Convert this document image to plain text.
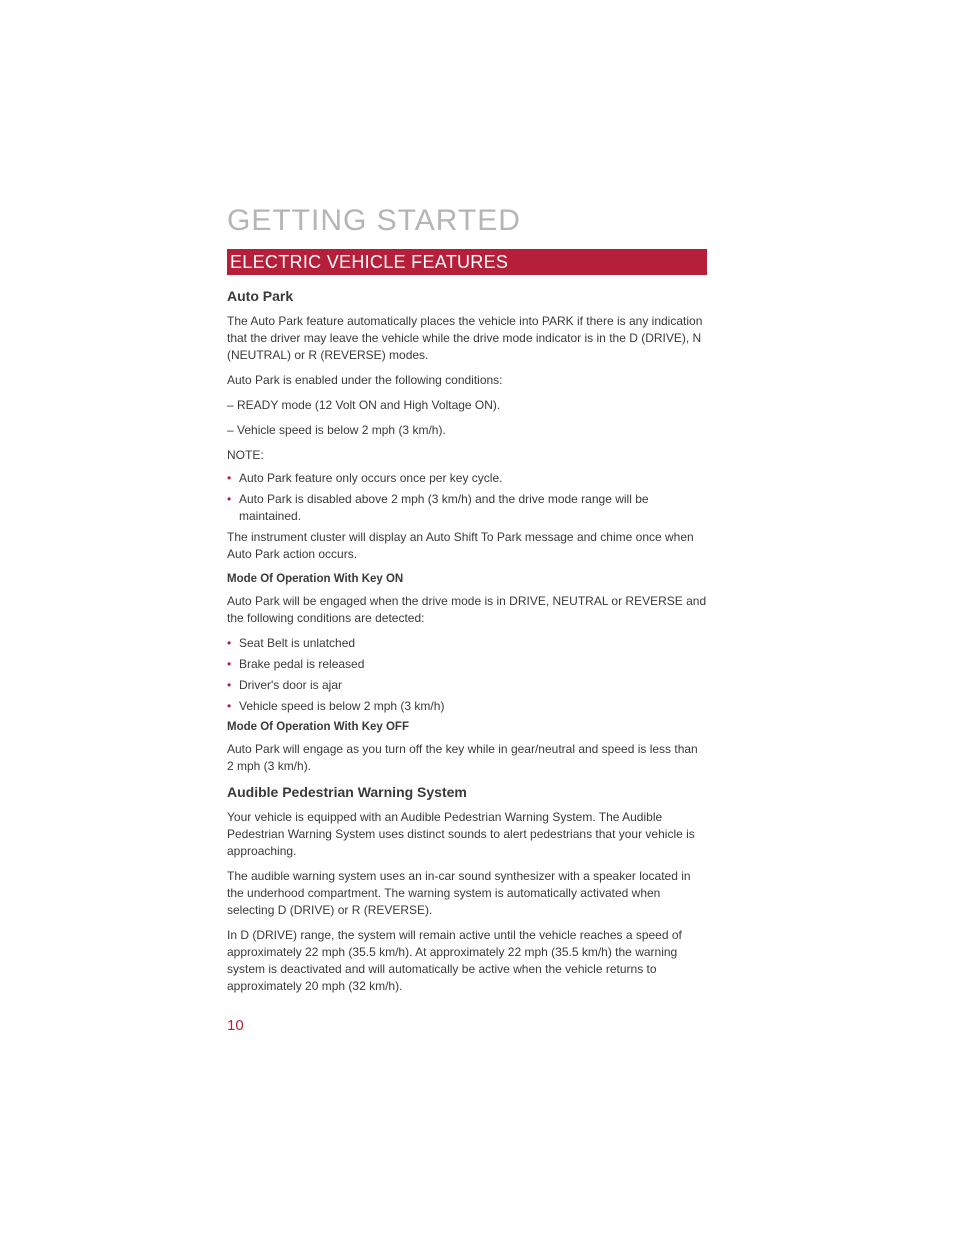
GETTING STARTED
ELECTRIC VEHICLE FEATURES
Auto Park

The Auto Park feature automatically places the vehicle into PARK if there is any indication that the driver may leave the vehicle while the drive mode indicator is in the D (DRIVE), N (NEUTRAL) or R (REVERSE) modes.

Auto Park is enabled under the following conditions:

– READY mode (12 Volt ON and High Voltage ON).
– Vehicle speed is below 2 mph (3 km/h).
NOTE:
• Auto Park feature only occurs once per key cycle.
• Auto Park is disabled above 2 mph (3 km/h) and the drive mode range will be maintained.

The instrument cluster will display an Auto Shift To Park message and chime once when Auto Park action occurs.

Mode Of Operation With Key ON

Auto Park will be engaged when the drive mode is in DRIVE, NEUTRAL or REVERSE and the following conditions are detected:

• Seat Belt is unlatched
• Brake pedal is released
• Driver's door is ajar
• Vehicle speed is below 2 mph (3 km/h)
Mode Of Operation With Key OFF

Auto Park will engage as you turn off the key while in gear/neutral and speed is less than 2 mph (3 km/h).

Audible Pedestrian Warning System

Your vehicle is equipped with an Audible Pedestrian Warning System. The Audible Pedestrian Warning System uses distinct sounds to alert pedestrians that your vehicle is approaching.

The audible warning system uses an in-car sound synthesizer with a speaker located in the underhood compartment. The warning system is automatically activated when selecting D (DRIVE) or R (REVERSE).

In D (DRIVE) range, the system will remain active until the vehicle reaches a speed of approximately 22 mph (35.5 km/h). At approximately 22 mph (35.5 km/h) the warning system is deactivated and will automatically be active when the vehicle returns to approximately 20 mph (32 km/h).

10
